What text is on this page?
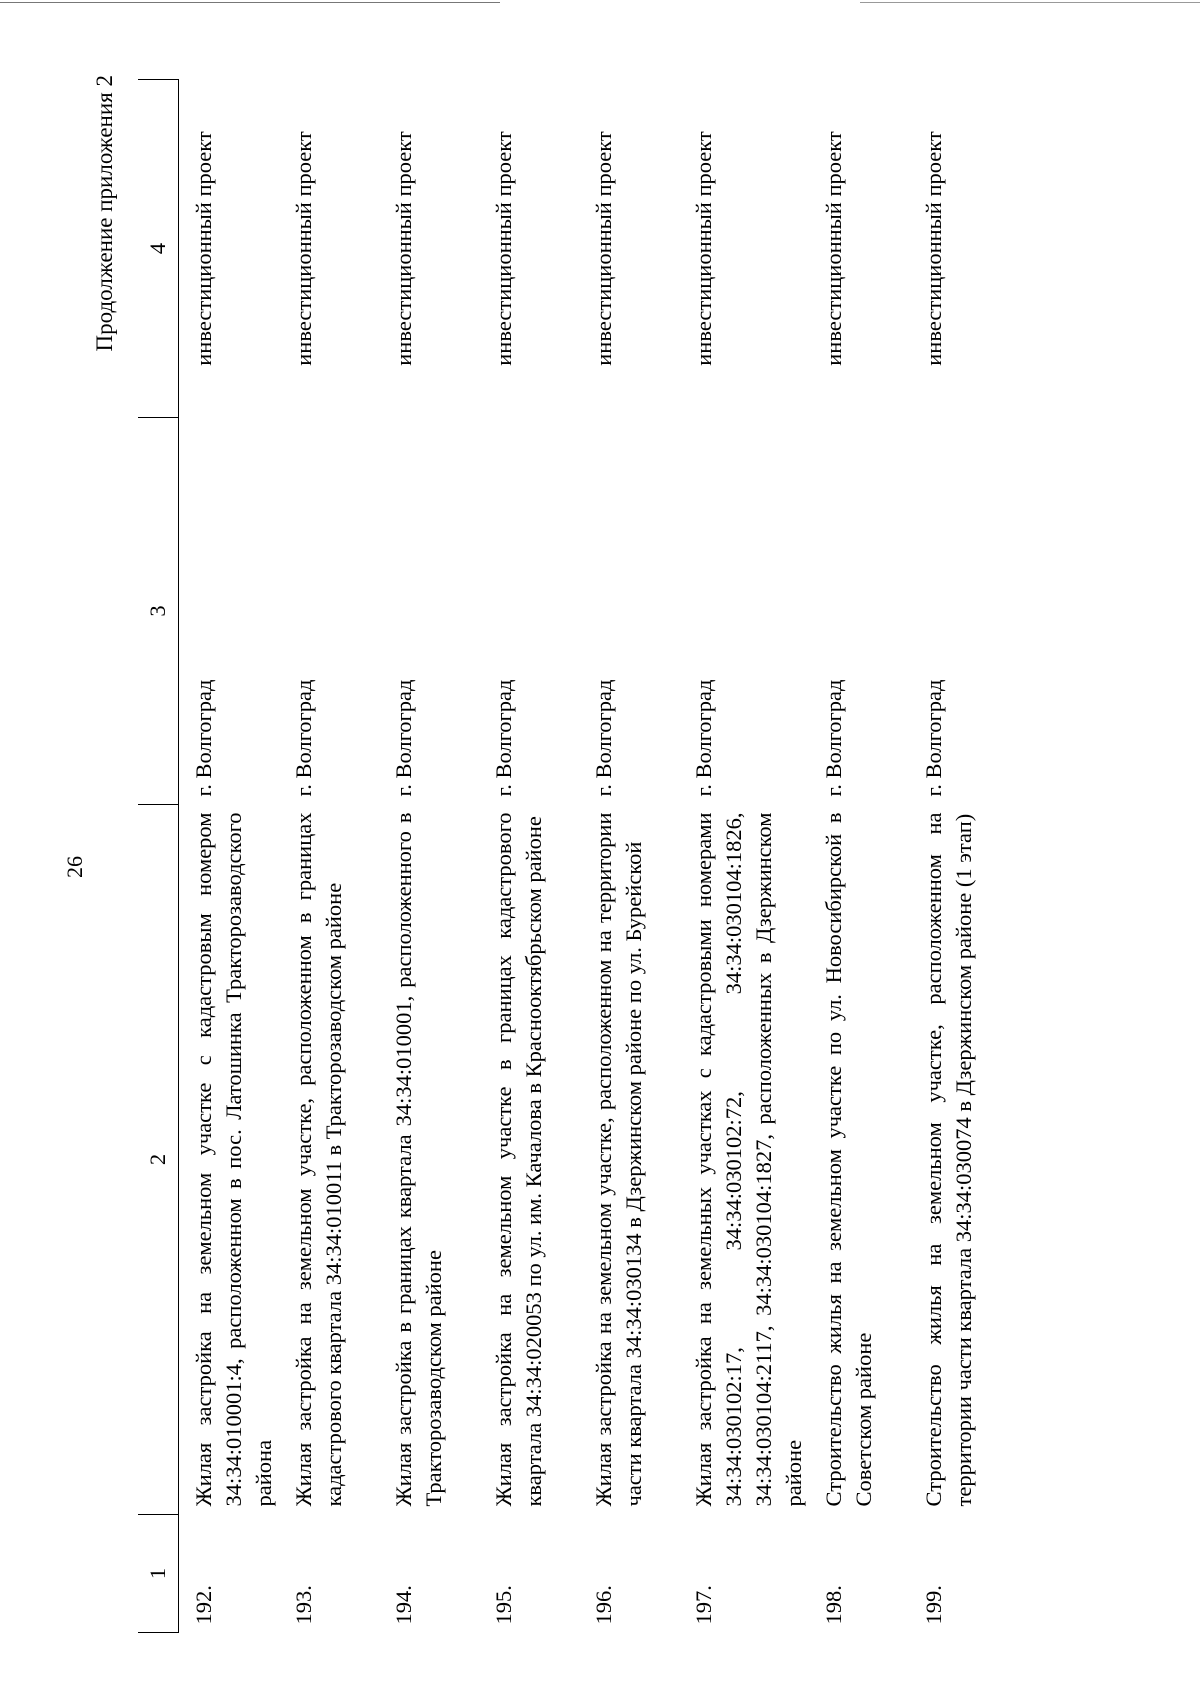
26
Продолжение приложения 2
1	2	3	4
192.	Жилая застройка на земельном участке с кадастровым номером 34:34:010001:4, расположенном в пос. Латошинка Тракторозаводского района	г. Волгоград	инвестиционный проект
193.	Жилая застройка на земельном участке, расположенном в границах кадастрового квартала 34:34:010011 в Тракторозаводском районе	г. Волгоград	инвестиционный проект
194.	Жилая застройка в границах квартала 34:34:010001, расположенного в Тракторозаводском районе	г. Волгоград	инвестиционный проект
195.	Жилая застройка на земельном участке в границах кадастрового квартала 34:34:020053 по ул. им. Качалова в Краснооктябрьском районе	г. Волгоград	инвестиционный проект
196.	Жилая застройка на земельном участке, расположенном на территории части квартала 34:34:030134 в Дзержинском районе по ул. Бурейской	г. Волгоград	инвестиционный проект
197.	Жилая застройка на земельных участках с кадастровыми номерами 34:34:030102:17, 34:34:030102:72, 34:34:030104:1826, 34:34:030104:2117, 34:34:030104:1827, расположенных в Дзержинском районе	г. Волгоград	инвестиционный проект
198.	Строительство жилья на земельном участке по ул. Новосибирской в Советском районе	г. Волгоград	инвестиционный проект
199.	Строительство жилья на земельном участке, расположенном на территории части квартала 34:34:030074 в Дзержинском районе (1 этап)	г. Волгоград	инвестиционный проект
